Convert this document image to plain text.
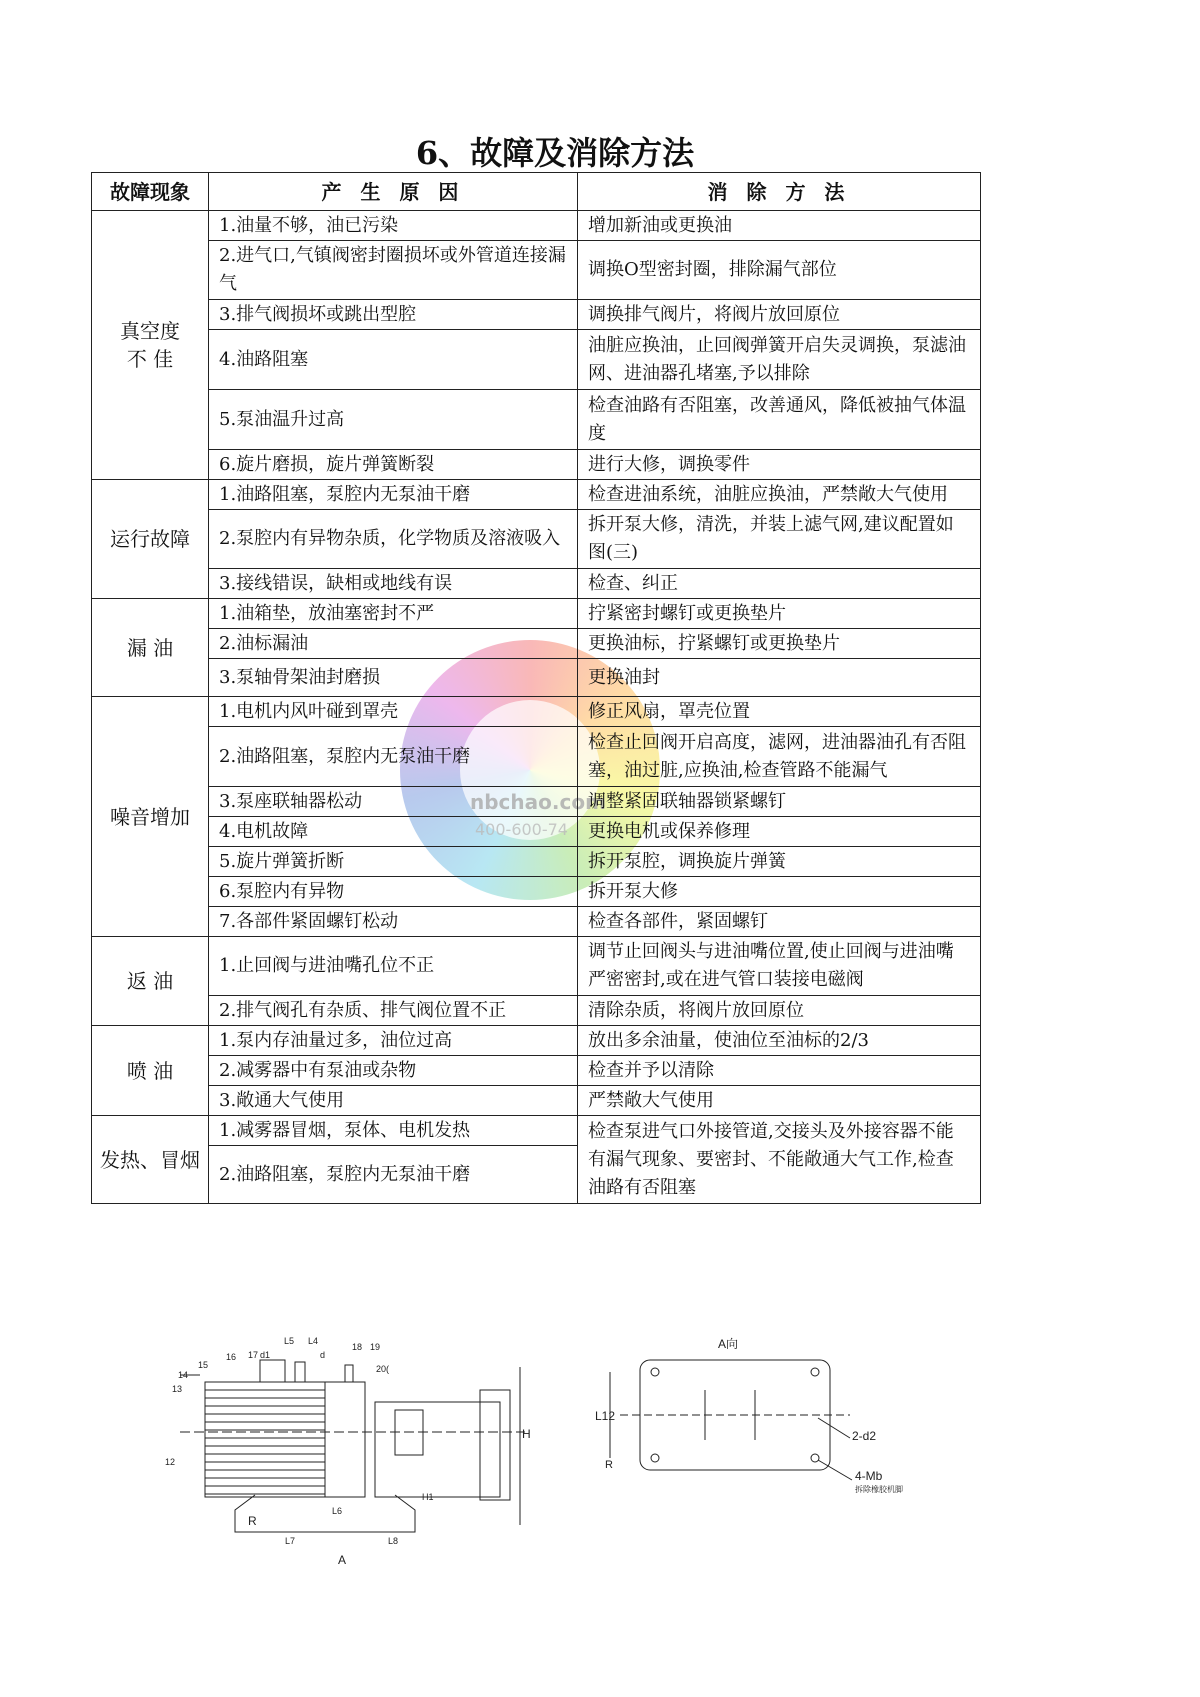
6、故障及消除方法
nbchao.com
400-600-74
故障现象	产 生 原 因	消 除 方 法
真空度
不 佳	1.油量不够，油已污染	增加新油或更换油
	2.进气口,气镇阀密封圈损坏或外管道连接漏气	调换O型密封圈，排除漏气部位
	3.排气阀损坏或跳出型腔	调换排气阀片，将阀片放回原位
	4.油路阻塞	油脏应换油，止回阀弹簧开启失灵调换，泵滤油网、进油器孔堵塞,予以排除
	5.泵油温升过高	检查油路有否阻塞，改善通风，降低被抽气体温度
	6.旋片磨损，旋片弹簧断裂	进行大修，调换零件
运行故障	1.油路阻塞，泵腔内无泵油干磨	检查进油系统，油脏应换油，严禁敞大气使用
	2.泵腔内有异物杂质，化学物质及溶液吸入	拆开泵大修，清洗，并装上滤气网,建议配置如图(三)
	3.接线错误，缺相或地线有误	检查、纠正
漏 油	1.油箱垫，放油塞密封不严	拧紧密封螺钉或更换垫片
	2.油标漏油	更换油标，拧紧螺钉或更换垫片
	3.泵轴骨架油封磨损	更换油封
噪音增加	1.电机内风叶碰到罩壳	修正风扇，罩壳位置
	2.油路阻塞，泵腔内无泵油干磨	检查止回阀开启高度，滤网，进油器油孔有否阻塞，油过脏,应换油,检查管路不能漏气
	3.泵座联轴器松动	调整紧固联轴器锁紧螺钉
	4.电机故障	更换电机或保养修理
	5.旋片弹簧折断	拆开泵腔，调换旋片弹簧
	6.泵腔内有异物	拆开泵大修
	7.各部件紧固螺钉松动	检查各部件，紧固螺钉
返 油	1.止回阀与进油嘴孔位不正	调节止回阀头与进油嘴位置,使止回阀与进油嘴严密密封,或在进气管口装接电磁阀
	2.排气阀孔有杂质、排气阀位置不正	清除杂质，将阀片放回原位
喷 油	1.泵内存油量过多，油位过高	放出多余油量，使油位至油标的2/3
	2.减雾器中有泵油或杂物	检查并予以清除
	3.敞通大气使用	严禁敞大气使用
发热、冒烟	1.减雾器冒烟，泵体、电机发热	检查泵进气口外接管道,交接头及外接容器不能有漏气现象、要密封、不能敞通大气工作,检查油路有否阻塞
	2.油路阻塞，泵腔内无泵油干磨	
13
14
15
16 17 d1
L5 L4
d
18 19
20(
12
H
H1
R
L7
L6
L8
A
A向
L12
R
2-d2
4-Mb
拆除橡胶机脚
